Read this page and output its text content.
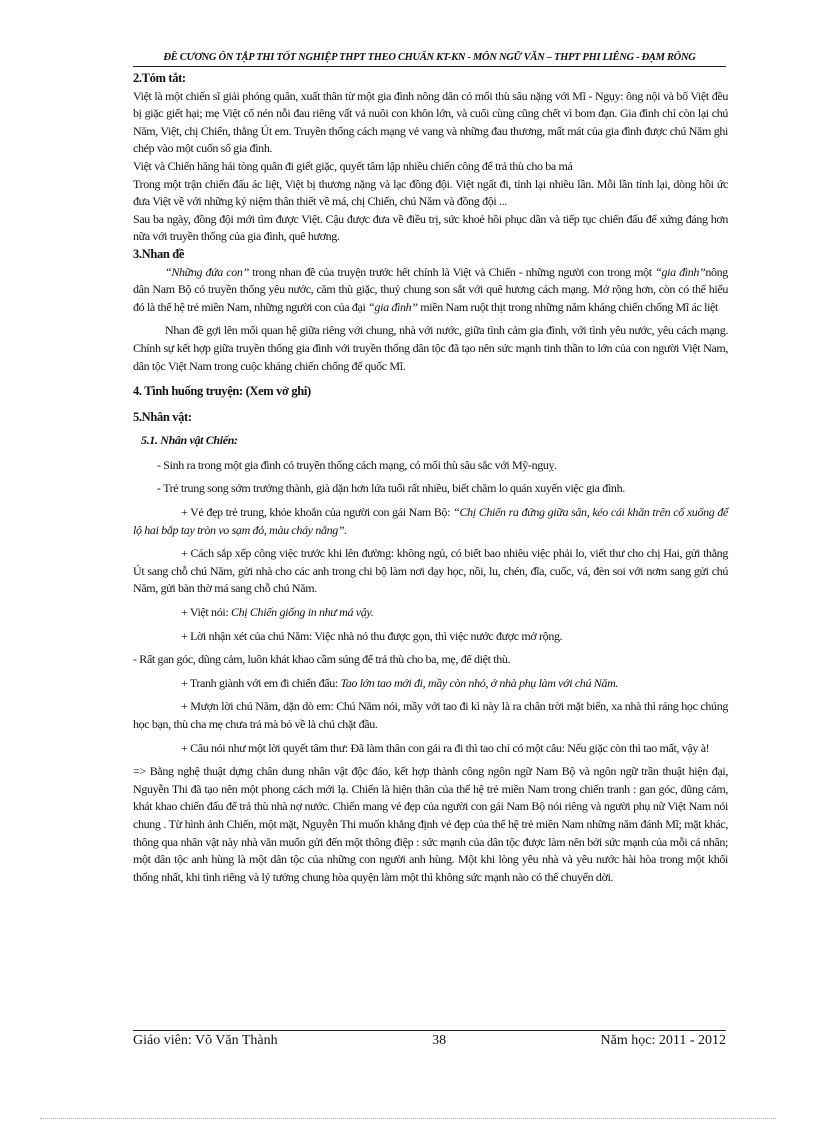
ĐỀ CƯƠNG ÔN TẬP THI TỐT NGHIỆP THPT THEO CHUẨN KT-KN - MÔN NGỮ VĂN – THPT PHI LIÊNG - ĐẠM RÔNG

2.Tóm tắt:

Việt là một chiến sĩ giải phóng quân, xuất thân từ một gia đình nông dân có mối thù sâu nặng với Mĩ - Ngụy: ông nội và bố Việt đều bị giặc giết hại; mẹ Việt cố nén nỗi đau riêng vất vả nuôi con khôn lớn, và cuối cùng cũng chết vì bom đạn. Gia đình chỉ còn lại chú Năm, Việt, chị Chiến, thằng Út em. Truyền thống cách mạng vẻ vang và những đau thương, mất mát của gia đình được chú Năm ghi chép vào một cuốn sổ gia đình.

Việt và Chiến hăng hái tòng quân đi giết giặc, quyết tâm lập nhiều chiến công để trả thù cho ba má

Trong một trận chiến đấu ác liệt, Việt bị thương nặng và lạc đồng đội. Việt ngất đi, tỉnh lại nhiều lần. Mỗi lần tỉnh lại, dòng hồi ức đưa Việt về với những kỷ niệm thân thiết về má, chị Chiến, chú Năm và đồng đội ...

Sau ba ngày, đồng đội mới tìm được Việt. Cậu được đưa về điều trị, sức khoẻ hồi phục dần và tiếp tục chiến đấu để xứng đáng hơn nữa với truyền thống của gia đình, quê hương.

3.Nhan đề

“Những đứa con” trong nhan đề của truyện trước hết chính là Việt và Chiến - những người con trong một “gia đình”nông dân Nam Bộ có truyền thống yêu nước, căm thù giặc, thuỷ chung son sắt với quê hương cách mạng. Mở rộng hơn, còn có thể hiểu đó là thế hệ trẻ miền Nam, những người con của đại “gia đình” miền Nam ruột thịt trong những năm kháng chiến chống Mĩ ác liệt

Nhan đề gợi lên mối quan hệ giữa riêng với chung, nhà với nước, giữa tình cảm gia đình, với tình yêu nước, yêu cách mạng. Chính sự kết hợp giữa truyền thống gia đình với truyền thống dân tộc đã tạo nên sức mạnh tinh thần to lớn của con người Việt Nam, dân tộc Việt Nam trong cuộc kháng chiến chống đế quốc Mĩ.

4. Tình huống truyện: (Xem vở ghi)

5.Nhân vật:

5.1. Nhân vật Chiến:

- Sinh ra trong một gia đình có truyền thống cách mạng, có mối thù sâu sắc với Mỹ-nguỵ.

- Trẻ trung song sớm trưởng thành, già dặn hơn lứa tuổi rất nhiều, biết chăm lo quán xuyến việc gia đình.

+ Vẻ đẹp trẻ trung, khỏe khoắn của người con gái Nam Bộ: “Chị Chiến ra đứng giữa sân, kéo cái khăn trên cổ xuống để lộ hai bắp tay tròn vo sạm đỏ, màu cháy nắng”.

+ Cách sắp xếp công việc trước khi lên đường: không ngủ, có biết bao nhiêu việc phải lo, viết thư cho chị Hai, gửi thằng Út sang chỗ chú Năm, gửi nhà cho các anh trong chi bộ làm nơi dạy học, nồi, lu, chén, đĩa, cuốc, vá, đèn soi với nơm sang gửi chú Năm, gửi bàn thờ má sang chỗ chú Năm.

+ Việt nói: Chị Chiến giống in như má vậy.

+ Lời nhận xét của chú Năm: Việc nhà nó thu được gọn, thì việc nước được mở rộng.

- Rất gan góc, dũng cảm, luôn khát khao cầm súng để trả thù cho ba, mẹ, để diệt thù.

+ Tranh giành với em đi chiến đấu: Tao lớn tao mới đi, mầy còn nhỏ, ở nhà phụ làm với chú Năm.

+ Mượn lời chú Năm, dặn dò em: Chú Năm nói, mầy với tao đi kì này là ra chân trời mặt biển, xa nhà thì ráng học chúng học bạn, thù cha mẹ chưa trả mà bỏ về là chú chặt đầu.

+ Câu nói như một lời quyết tâm thư: Đã làm thân con gái ra đi thì tao chỉ có một câu: Nếu giặc còn thì tao mất, vậy à!

=> Bằng nghệ thuật dựng chân dung nhân vật độc đáo, kết hợp thành công ngôn ngữ Nam Bộ và ngôn ngữ trần thuật hiện đại, Nguyễn Thi đã tạo nên một phong cách mới lạ. Chiến là hiện thân của thế hệ trẻ miền Nam trong chiến tranh : gan góc, dũng cảm, khát khao chiến đấu để trả thù nhà nợ nước. Chiến mang vẻ đẹp của người con gái Nam Bộ nói riêng và người phụ nữ Việt Nam nói chung . Từ hình ảnh Chiến, một mặt, Nguyễn Thi muốn khẳng định vẻ đẹp của thế hệ trẻ miền Nam những năm đánh Mĩ; mặt khác, thông qua nhân vật này nhà văn muốn gửi đến một thông điệp : sức mạnh của dân tộc được làm nên bởi sức mạnh của mỗi cá nhân; một dân tộc anh hùng là một dân tộc của những con người anh hùng. Một khi lòng yêu nhà và yêu nước hài hòa trong một khối thống nhất, khi tình riêng và lý tưởng chung hòa quyện làm một thì không sức mạnh nào có thể chuyển dời.

Giáo viên: Võ Văn Thành	38	Năm học: 2011 - 2012
